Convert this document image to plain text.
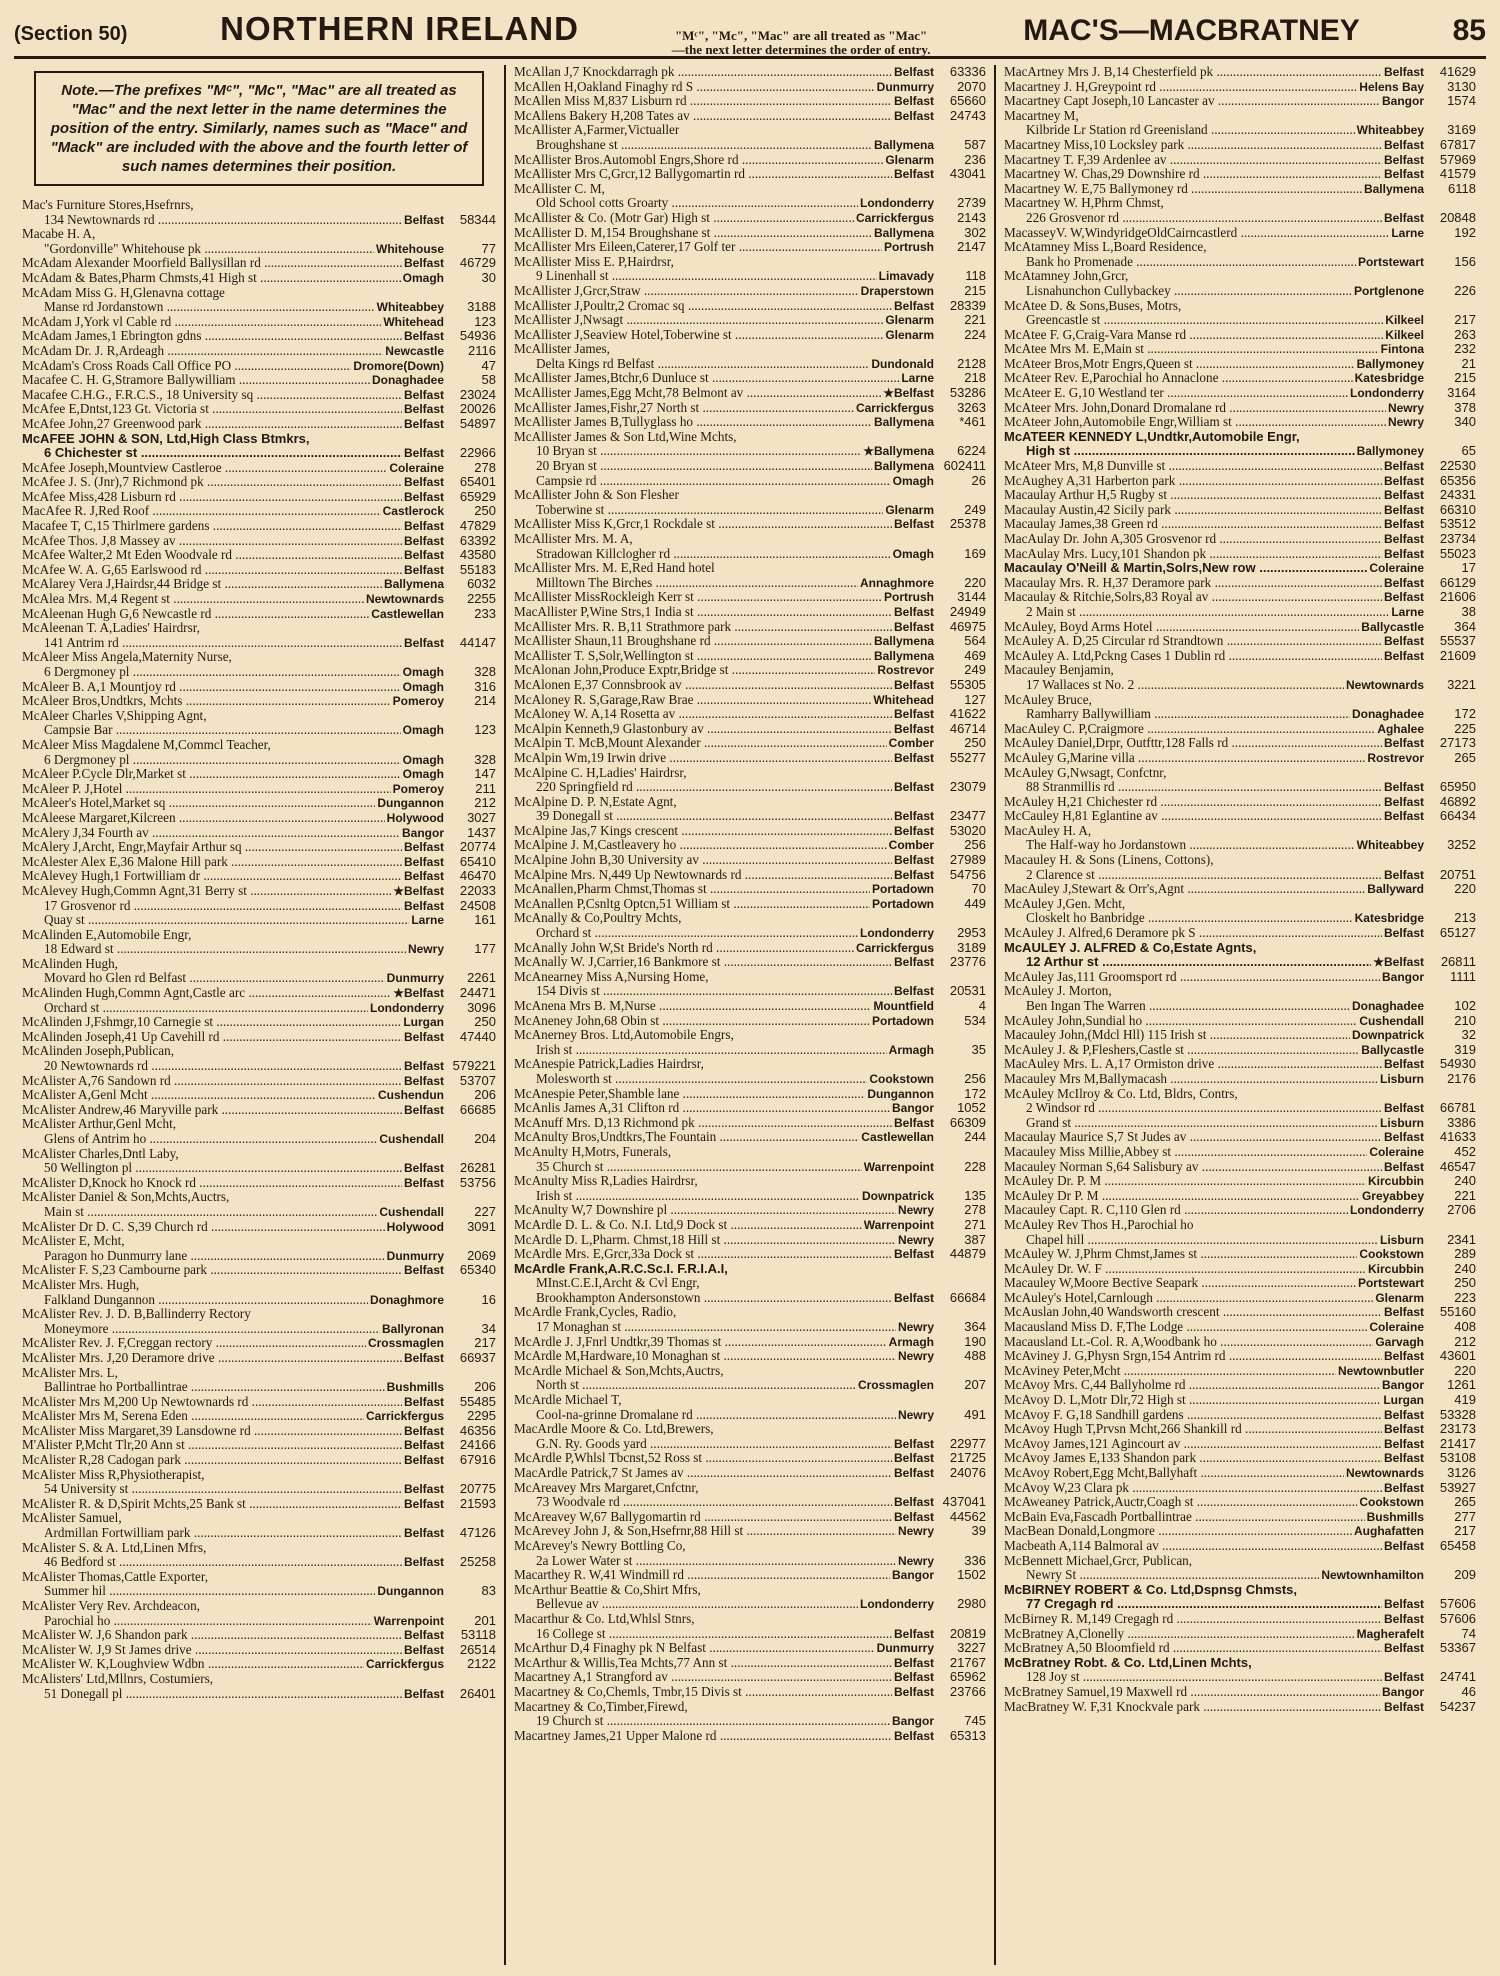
(Section 50)	NORTHERN IRELAND	"Mᶜ", "Mc", "Mac" are all treated as "Mac"
—the next letter determines the order of entry.
MAC'S—MACBRATNEY	85
Note.—The prefixes "Mᶜ", "Mc", "Mac" are all treated as "Mac" and the next letter in the name determines the position of the entry. Similarly, names such as "Mace" and "Mack" are included with the above and the fourth letter of such names determines their position.
Mac's Furniture Stores,Hsefrnrs,
134 Newtownards rd .....	Belfast	58344
Macabe H. A,
"Gordonville" Whitehouse pk .....	Whitehouse	77
McAdam Alexander Moorfield Ballysillan rd .....	Belfast	46729
McAdam & Bates,Pharm Chmsts,41 High st .....	Omagh	30
McAdam Miss G. H,Glenavna cottage
Manse rd Jordanstown .....	Whiteabbey	3188
McAdam J,York vl Cable rd .....	Whitehead	123
McAdam James,1 Ebrington gdns .....	Belfast	54936
McAdam Dr. J. R,Ardeagh .....	Newcastle	2116
McAdam's Cross Roads Call Office PO .....	Dromore(Down)	47
Macafee C. H. G,Stramore Ballywilliam .....	Donaghadee	58
Macafee C.H.G., F.R.C.S., 18 University sq .....	Belfast	23024
McAfee E,Dntst,123 Gt. Victoria st .....	Belfast	20026
McAfee John,27 Greenwood park .....	Belfast	54897
McAFEE JOHN & SON, Ltd,High Class Btmkrs,
6 Chichester st .....	Belfast	22966
McAfee Joseph,Mountview Castleroe .....	Coleraine	278
McAfee J. S. (Jnr),7 Richmond pk .....	Belfast	65401
McAfee Miss,428 Lisburn rd .....	Belfast	65929
MacAfee R. J,Red Roof .....	Castlerock	250
Macafee T, C,15 Thirlmere gardens .....	Belfast	47829
McAfee Thos. J,8 Massey av .....	Belfast	63392
McAfee Walter,2 Mt Eden Woodvale rd .....	Belfast	43580
McAfee W. A. G,65 Earlswood rd .....	Belfast	55183
McAlarey Vera J,Hairdsr,44 Bridge st .....	Ballymena	6032
McAlea Mrs. M,4 Regent st .....	Newtownards	2255
McAleenan Hugh G,6 Newcastle rd .....	Castlewellan	233
McAleenan T. A,Ladies' Hairdrsr,
141 Antrim rd .....	Belfast	44147
McAleer Miss Angela,Maternity Nurse,
6 Dergmoney pl .....	Omagh	328
McAleer B. A,1 Mountjoy rd .....	Omagh	316
McAleer Bros,Undtkrs, Mchts .....	Pomeroy	214
McAleer Charles V,Shipping Agnt,
Campsie Bar .....	Omagh	123
McAleer Miss Magdalene M,Commcl Teacher,
6 Dergmoney pl .....	Omagh	328
McAleer P.Cycle Dlr,Market st .....	Omagh	147
McAleer P. J,Hotel .....	Pomeroy	211
McAleer's Hotel,Market sq .....	Dungannon	212
McAleese Margaret,Kilcreen .....	Holywood	3027
McAlery J,34 Fourth av .....	Bangor	1437
McAlery J,Archt, Engr,Mayfair Arthur sq .....	Belfast	20774
McAlester Alex E,36 Malone Hill park .....	Belfast	65410
McAlevey Hugh,1 Fortwilliam dr .....	Belfast	46470
McAlevey Hugh,Commn Agnt,31 Berry st .....	★Belfast	22033
17 Grosvenor rd .....	Belfast	24508
Quay st .....	Larne	161
McAlinden E,Automobile Engr,
18 Edward st .....	Newry	177
McAlinden Hugh,
Movard ho Glen rd Belfast .....	Dunmurry	2261
McAlinden Hugh,Commn Agnt,Castle arc .....	★Belfast	24471
Orchard st .....	Londonderry	3096
McAlinden J,Fshmgr,10 Carnegie st .....	Lurgan	250
McAlinden Joseph,41 Up Cavehill rd .....	Belfast	47440
McAlinden Joseph,Publican,
20 Newtownards rd .....	Belfast 579221
McAlister A,76 Sandown rd .....	Belfast	53707
McAlister A,Genl Mcht .....	Cushendun	206
McAlister Andrew,46 Maryville park .....	Belfast	66685
McAlister Arthur,Genl Mcht,
Glens of Antrim ho .....	Cushendall	204
McAlister Charles,Dntl Laby,
50 Wellington pl .....	Belfast	26281
McAlister D,Knock ho Knock rd .....	Belfast	53756
McAlister Daniel & Son,Mchts,Auctrs,
Main st .....	Cushendall	227
McAlister Dr D. C. S,39 Church rd .....	Holywood	3091
McAlister E, Mcht,
Paragon ho Dunmurry lane .....	Dunmurry	2069
McAlister F. S,23 Cambourne park .....	Belfast	65340
McAlister Mrs. Hugh,
Falkland Dungannon .....	Donaghmore	16
McAlister Rev. J. D. B,Ballinderry Rectory
Moneymore .....	Ballyronan	34
McAlister Rev. J. F,Creggan rectory .....	Crossmaglen	217
McAlister Mrs. J,20 Deramore drive .....	Belfast	66937
McAlister Mrs. L,
Ballintrae ho Portballintrae .....	Bushmills	206
McAlister Mrs M,200 Up Newtownards rd .....	Belfast	55485
McAlister Mrs M, Serena Eden .....	Carrickfergus	2295
McAlister Miss Margaret,39 Lansdowne rd .....	Belfast	46356
M'Alister P,Mcht Tlr,20 Ann st .....	Belfast	24166
McAlister R,28 Cadogan park .....	Belfast	67916
McAlister Miss R,Physiotherapist,
54 University st .....	Belfast	20775
McAlister R. & D,Spirit Mchts,25 Bank st .....	Belfast	21593
McAlister Samuel,
Ardmillan Fortwilliam park .....	Belfast	47126
McAlister S. & A. Ltd,Linen Mfrs,
46 Bedford st .....	Belfast	25258
McAlister Thomas,Cattle Exporter,
Summer hil .....	Dungannon	83
McAlister Very Rev. Archdeacon,
Parochial ho .....	Warrenpoint	201
McAlister W. J,6 Shandon park .....	Belfast	53118
McAlister W. J,9 St James drive .....	Belfast	26514
McAlister W. K,Loughview Wdbn .....	Carrickfergus	2122
McAlisters' Ltd,Mllnrs, Costumiers,
51 Donegall pl .....	Belfast	26401
McAllan J,7 Knockdarragh pk .....	Belfast	63336
McAllen H,Oakland Finaghy rd S .....	Dunmurry	2070
McAllen Miss M,837 Lisburn rd .....	Belfast	65660
McAllens Bakery H,208 Tates av .....	Belfast	24743
McAllister A,Farmer,Victualler
Broughshane st .....	Ballymena	587
McAllister Bros.Automobl Engrs,Shore rd .....	Glenarm	236
McAllister Mrs C,Grcr,12 Ballygomartin rd .....	Belfast	43041
McAllister C. M,
Old School cotts Groarty .....	Londonderry	2739
McAllister & Co. (Motr Gar) High st .....	Carrickfergus	2143
McAllister D. M,154 Broughshane st .....	Ballymena	302
McAllister Mrs Eileen,Caterer,17 Golf ter .....	Portrush	2147
McAllister Miss E. P,Hairdrsr,
9 Linenhall st .....	Limavady	118
McAllister J,Grcr,Straw .....	Draperstown	215
McAllister J,Poultr,2 Cromac sq .....	Belfast	28339
McAllister J,Nwsagt .....	Glenarm	221
McAllister J,Seaview Hotel,Toberwine st .....	Glenarm	224
McAllister James,
Delta Kings rd Belfast .....	Dundonald	2128
McAllister James,Btchr,6 Dunluce st .....	Larne	218
McAllister James,Egg Mcht,78 Belmont av .....	★Belfast	53286
McAllister James,Fishr,27 North st .....	Carrickfergus	3263
McAllister James B,Tullyglass ho .....	Ballymena	*461
McAllister James & Son Ltd,Wine Mchts,
10 Bryan st .....	★Ballymena	6224
20 Bryan st .....	Ballymena 602411
Campsie rd .....	Omagh	26
McAllister John & Son Flesher
Toberwine st .....	Glenarm	249
McAllister Miss K,Grcr,1 Rockdale st .....	Belfast	25378
McAllister Mrs. M. A,
Stradowan Killclogher rd .....	Omagh	169
McAllister Mrs. M. E,Red Hand hotel
Milltown The Birches .....	Annaghmore	220
McAllister MissRockleigh Kerr st .....	Portrush	3144
MacAllister P,Wine Strs,1 India st .....	Belfast	24949
McAllister Mrs. R. B,11 Strathmore park .....	Belfast	46975
McAllister Shaun,11 Broughshane rd .....	Ballymena	564
McAllister T. S,Solr,Wellington st .....	Ballymena	469
McAlonan John,Produce Exptr,Bridge st .....	Rostrevor	249
McAlonen E,37 Connsbrook av .....	Belfast	55305
McAloney R. S,Garage,Raw Brae .....	Whitehead	127
McAloney W. A,14 Rosetta av .....	Belfast	41622
McAlpin Kenneth,9 Glastonbury av .....	Belfast	46714
McAlpin T. McB,Mount Alexander .....	Comber	250
McAlpin Wm,19 Irwin drive .....	Belfast	55277
McAlpine C. H,Ladies' Hairdrsr,
220 Springfield rd .....	Belfast	23079
McAlpine D. P. N,Estate Agnt,
39 Donegall st .....	Belfast	23477
McAlpine Jas,7 Kings crescent .....	Belfast	53020
McAlpine J. M,Castleavery ho .....	Comber	256
McAlpine John B,30 University av .....	Belfast	27989
McAlpine Mrs. N,449 Up Newtownards rd .....	Belfast	54756
McAnallen,Pharm Chmst,Thomas st .....	Portadown	70
McAnallen P,Csnltg Optcn,51 William st .....	Portadown	449
McAnally & Co,Poultry Mchts,
Orchard st .....	Londonderry	2953
McAnally John W,St Bride's North rd .....	Carrickfergus	3189
McAnally W. J,Carrier,16 Bankmore st .....	Belfast	23776
McAnearney Miss A,Nursing Home,
154 Divis st .....	Belfast	20531
McAnena Mrs B. M,Nurse .....	Mountfield	4
McAneney John,68 Obin st .....	Portadown	534
McAnerney Bros. Ltd,Automobile Engrs,
Irish st .....	Armagh	35
McAnespie Patrick,Ladies Hairdrsr,
Molesworth st .....	Cookstown	256
McAnespie Peter,Shamble lane .....	Dungannon	172
McAnlis James A,31 Clifton rd .....	Bangor	1052
McAnuff Mrs. D,13 Richmond pk .....	Belfast	66309
McAnulty Bros,Undtkrs,The Fountain .....	Castlewellan	244
McAnulty H,Motrs, Funerals,
35 Church st .....	Warrenpoint	228
McAnulty Miss R,Ladies Hairdrsr,
Irish st .....	Downpatrick	135
McAnulty W,7 Downshire pl .....	Newry	278
McArdle D. L. & Co. N.I. Ltd,9 Dock st .....	Warrenpoint	271
McArdle D. L,Pharm. Chmst,18 Hill st .....	Newry	387
McArdle Mrs. E,Grcr,33a Dock st .....	Belfast	44879
McArdle Frank,A.R.C.Sc.I. F.R.I.A.I,
MInst.C.E.I,Archt & Cvl Engr,
Brookhampton Andersonstown .....	Belfast	66684
McArdle Frank,Cycles, Radio,
17 Monaghan st .....	Newry	364
McArdle J. J,Fnrl Undtkr,39 Thomas st .....	Armagh	190
McArdle M,Hardware,10 Monaghan st .....	Newry	488
McArdle Michael & Son,Mchts,Auctrs,
North st .....	Crossmaglen	207
McArdle Michael T,
Cool-na-grinne Dromalane rd .....	Newry	491
MacArdle Moore & Co. Ltd,Brewers,
G.N. Ry. Goods yard .....	Belfast	22977
McArdle P,Whlsl Tbcnst,52 Ross st .....	Belfast	21725
MacArdle Patrick,7 St James av .....	Belfast	24076
McAreavey Mrs Margaret,Cnfctnr,
73 Woodvale rd .....	Belfast 437041
McAreavey W,67 Ballygomartin rd .....	Belfast	44562
McArevey John J, & Son,Hsefrnr,88 Hill st .....	Newry	39
McArevey's Newry Bottling Co,
2a Lower Water st .....	Newry	336
Macarthey R. W,41 Windmill rd .....	Bangor	1502
McArthur Beattie & Co,Shirt Mfrs,
Bellevue av .....	Londonderry	2980
Macarthur & Co. Ltd,Whlsl Stnrs,
16 College st .....	Belfast	20819
McArthur D,4 Finaghy pk N Belfast .....	Dunmurry	3227
McArthur & Willis,Tea Mchts,77 Ann st .....	Belfast	21767
Macartney A,1 Strangford av .....	Belfast	65962
Macartney & Co,Chemls, Tmbr,15 Divis st .....	Belfast	23766
Macartney & Co,Timber,Firewd,
19 Church st .....	Bangor	745
Macartney James,21 Upper Malone rd .....	Belfast	65313
MacArtney Mrs J. B,14 Chesterfield pk .....	Belfast	41629
Macartney J. H,Greypoint rd .....	Helens Bay	3130
Macartney Capt Joseph,10 Lancaster av .....	Bangor	1574
Macartney M,
Kilbride Lr Station rd Greenisland .....	Whiteabbey	3169
Macartney Miss,10 Locksley park .....	Belfast	67817
Macartney T. F,39 Ardenlee av .....	Belfast	57969
Macartney W. Chas,29 Downshire rd .....	Belfast	41579
Macartney W. E,75 Ballymoney rd .....	Ballymena	6118
Macartney W. H,Phrm Chmst,
226 Grosvenor rd .....	Belfast	20848
MacasseyV. W,WindyridgeOldCairncastlerd .....	Larne	192
McAtamney Miss L,Board Residence,
Bank ho Promenade .....	Portstewart	156
McAtamney John,Grcr,
Lisnahunchon Cullybackey .....	Portglenone	226
McAtee D. & Sons,Buses, Motrs,
Greencastle st .....	Kilkeel	217
McAtee F. G,Craig-Vara Manse rd .....	Kilkeel	263
McAtee Mrs M. E,Main st .....	Fintona	232
McAteer Bros,Motr Engrs,Queen st .....	Ballymoney	21
McAteer Rev. E,Parochial ho Annaclone .....	Katesbridge	215
McAteer E. G,10 Westland ter .....	Londonderry	3164
McAteer Mrs. John,Donard Dromalane rd .....	Newry	378
McAteer John,Automobile Engr,William st .....	Newry	340
McATEER KENNEDY L,Undtkr,Automobile Engr,
High st .....	Ballymoney	65
McAteer Mrs, M,8 Dunville st .....	Belfast	22530
McAughey A,31 Harberton park .....	Belfast	65356
Macaulay Arthur H,5 Rugby st .....	Belfast	24331
Macaulay Austin,42 Sicily park .....	Belfast	66310
Macaulay James,38 Green rd .....	Belfast	53512
MacAulay Dr. John A,305 Grosvenor rd .....	Belfast	23734
MacAulay Mrs. Lucy,101 Shandon pk .....	Belfast	55023
Macaulay O'Neill & Martin,Solrs,New row .....	Coleraine	17
Macaulay Mrs. R. H,37 Deramore park .....	Belfast	66129
Macaulay & Ritchie,Solrs,83 Royal av .....	Belfast	21606
2 Main st .....	Larne	38
McAuley, Boyd Arms Hotel .....	Ballycastle	364
McAuley A. D,25 Circular rd Strandtown .....	Belfast	55537
McAuley A. Ltd,Pckng Cases 1 Dublin rd .....	Belfast	21609
Macauley Benjamin,
17 Wallaces st No. 2 .....	Newtownards	3221
McAuley Bruce,
Ramharry Ballywilliam .....	Donaghadee	172
MacAuley C. P,Craigmore .....	Aghalee	225
McAuley Daniel,Drpr, Outfttr,128 Falls rd .....	Belfast	27173
McAuley G,Marine villa .....	Rostrevor	265
McAuley G,Nwsagt, Confctnr,
88 Stranmillis rd .....	Belfast	65950
McAuley H,21 Chichester rd .....	Belfast	46892
McCauley H,81 Eglantine av .....	Belfast	66434
MacAuley H. A,
The Half-way ho Jordanstown .....	Whiteabbey	3252
Macauley H. & Sons (Linens, Cottons),
2 Clarence st .....	Belfast	20751
MacAuley J,Stewart & Orr's,Agnt .....	Ballyward	220
McAuley J,Gen. Mcht,
Closkelt ho Banbridge .....	Katesbridge	213
McAuley J. Alfred,6 Deramore pk S .....	Belfast	65127
McAULEY J. ALFRED & Co,Estate Agnts,
12 Arthur st .....	★Belfast	26811
McAuley Jas,111 Groomsport rd .....	Bangor	1111
McAuley J. Morton,
Ben Ingan The Warren .....	Donaghadee	102
McAuley John,Sundial ho .....	Cushendall	210
Macauley John,(Mdcl Hll) 115 Irish st .....	Downpatrick	32
McAuley J. & P,Fleshers,Castle st .....	Ballycastle	319
MacAuley Mrs. L. A,17 Ormiston drive .....	Belfast	54930
Macauley Mrs M,Ballymacash .....	Lisburn	2176
McAuley McIlroy & Co. Ltd, Bldrs, Contrs,
2 Windsor rd .....	Belfast	66781
Grand st .....	Lisburn	3386
Macaulay Maurice S,7 St Judes av .....	Belfast	41633
Macauley Miss Millie,Abbey st .....	Coleraine	452
Macauley Norman S,64 Salisbury av .....	Belfast	46547
McAuley Dr. P. M .....	Kircubbin	240
McAuley Dr P. M .....	Greyabbey	221
Macauley Capt. R. C,110 Glen rd .....	Londonderry	2706
McAuley Rev Thos H.,Parochial ho
Chapel hill .....	Lisburn	2341
McAuley W. J,Phrm Chmst,James st .....	Cookstown	289
McAuley Dr. W. F .....	Kircubbin	240
Macauley W,Moore Bective Seapark .....	Portstewart	250
McAuley's Hotel,Carnlough .....	Glenarm	223
McAuslan John,40 Wandsworth crescent .....	Belfast	55160
Macausland Miss D. F,The Lodge .....	Coleraine	408
Macausland Lt.-Col. R. A,Woodbank ho .....	Garvagh	212
McAviney J. G,Physn Srgn,154 Antrim rd .....	Belfast	43601
McAviney Peter,Mcht .....	Newtownbutler	220
McAvoy Mrs. C,44 Ballyholme rd .....	Bangor	1261
McAvoy D. L,Motr Dlr,72 High st .....	Lurgan	419
McAvoy F. G,18 Sandhill gardens .....	Belfast	53328
McAvoy Hugh T,Prvsn Mcht,266 Shankill rd .....	Belfast	23173
McAvoy James,121 Agincourt av .....	Belfast	21417
McAvoy James E,133 Shandon park .....	Belfast	53108
McAvoy Robert,Egg Mcht,Ballyhaft .....	Newtownards	3126
McAvoy W,23 Clara pk .....	Belfast	53927
McAweaney Patrick,Auctr,Coagh st .....	Cookstown	265
McBain Eva,Fascadh Portballintrae .....	Bushmills	277
MacBean Donald,Longmore .....	Aughafatten	217
Macbeath A,114 Balmoral av .....	Belfast	65458
McBennett Michael,Grcr, Publican,
Newry St .....	Newtownhamilton	209
McBIRNEY ROBERT & Co. Ltd,Dspnsg Chmsts,
77 Cregagh rd .....	Belfast	57606
McBirney R. M,149 Cregagh rd .....	Belfast	57606
McBratney A,Clonelly .....	Magherafelt	74
McBratney A,50 Bloomfield rd .....	Belfast	53367
McBratney Robt. & Co. Ltd,Linen Mchts,
128 Joy st .....	Belfast	24741
McBratney Samuel,19 Maxwell rd .....	Bangor	46
MacBratney W. F,31 Knockvale park .....	Belfast	54237
